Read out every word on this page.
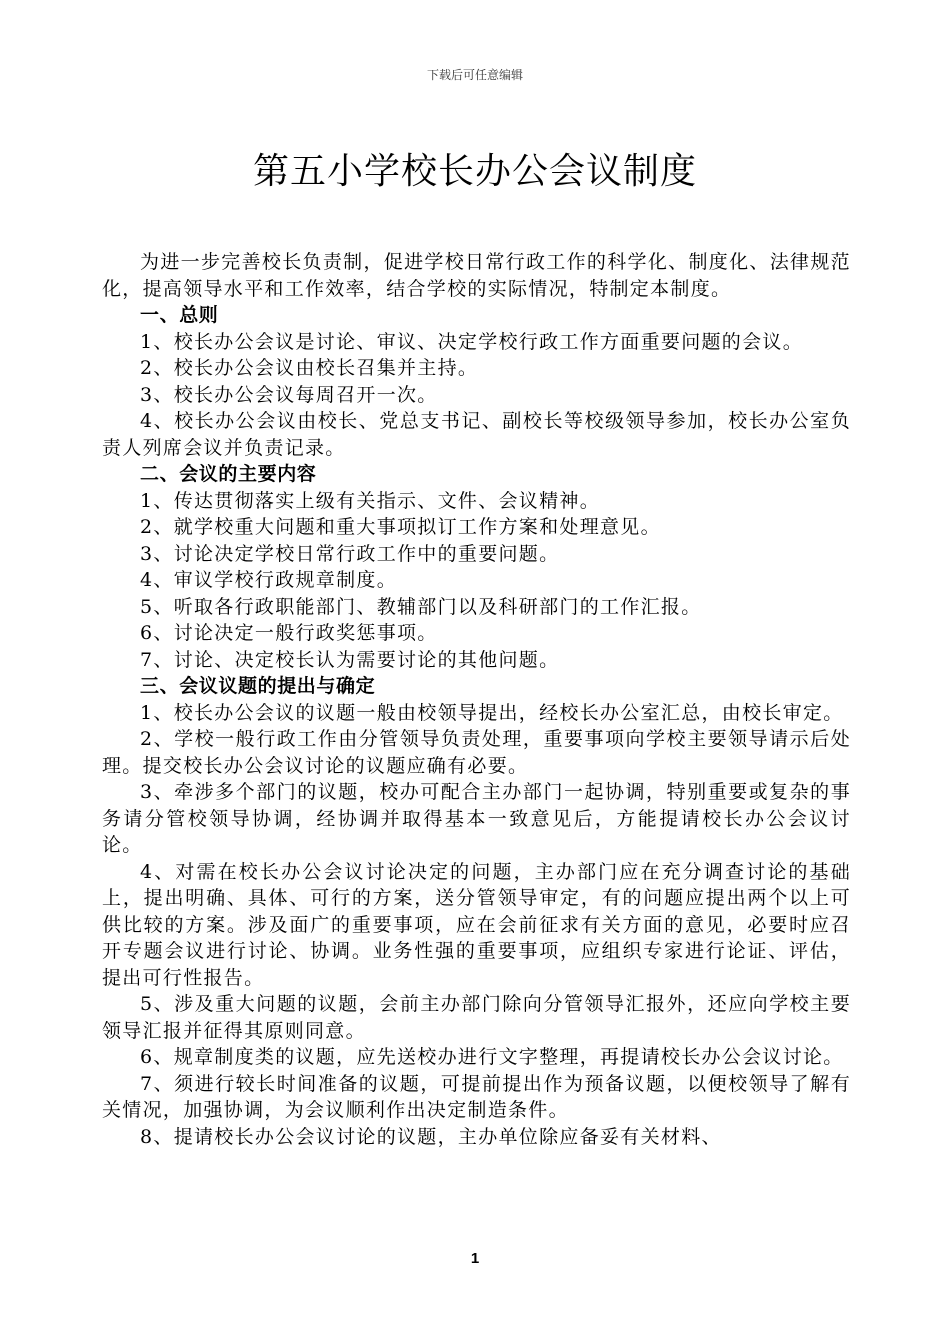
下载后可任意编辑
第五小学校长办公会议制度

为进一步完善校长负责制，促进学校日常行政工作的科学化、制度化、法律规范化，提高领导水平和工作效率，结合学校的实际情况，特制定本制度。

一、总则

1、校长办公会议是讨论、审议、决定学校行政工作方面重要问题的会议。

2、校长办公会议由校长召集并主持。

3、校长办公会议每周召开一次。

4、校长办公会议由校长、党总支书记、副校长等校级领导参加，校长办公室负责人列席会议并负责记录。

二、会议的主要内容

1、传达贯彻落实上级有关指示、文件、会议精神。

2、就学校重大问题和重大事项拟订工作方案和处理意见。

3、讨论决定学校日常行政工作中的重要问题。

4、审议学校行政规章制度。

5、听取各行政职能部门、教辅部门以及科研部门的工作汇报。

6、讨论决定一般行政奖惩事项。

7、讨论、决定校长认为需要讨论的其他问题。

三、会议议题的提出与确定

1、校长办公会议的议题一般由校领导提出，经校长办公室汇总，由校长审定。

2、学校一般行政工作由分管领导负责处理，重要事项向学校主要领导请示后处理。提交校长办公会议讨论的议题应确有必要。

3、牵涉多个部门的议题，校办可配合主办部门一起协调，特别重要或复杂的事务请分管校领导协调，经协调并取得基本一致意见后，方能提请校长办公会议讨论。

4、对需在校长办公会议讨论决定的问题，主办部门应在充分调查讨论的基础上，提出明确、具体、可行的方案，送分管领导审定，有的问题应提出两个以上可供比较的方案。涉及面广的重要事项，应在会前征求有关方面的意见，必要时应召开专题会议进行讨论、协调。业务性强的重要事项，应组织专家进行论证、评估，提出可行性报告。

5、涉及重大问题的议题，会前主办部门除向分管领导汇报外，还应向学校主要领导汇报并征得其原则同意。

6、规章制度类的议题，应先送校办进行文字整理，再提请校长办公会议讨论。

7、须进行较长时间准备的议题，可提前提出作为预备议题，以便校领导了解有关情况，加强协调，为会议顺利作出决定制造条件。

8、提请校长办公会议讨论的议题，主办单位除应备妥有关材料、

1
